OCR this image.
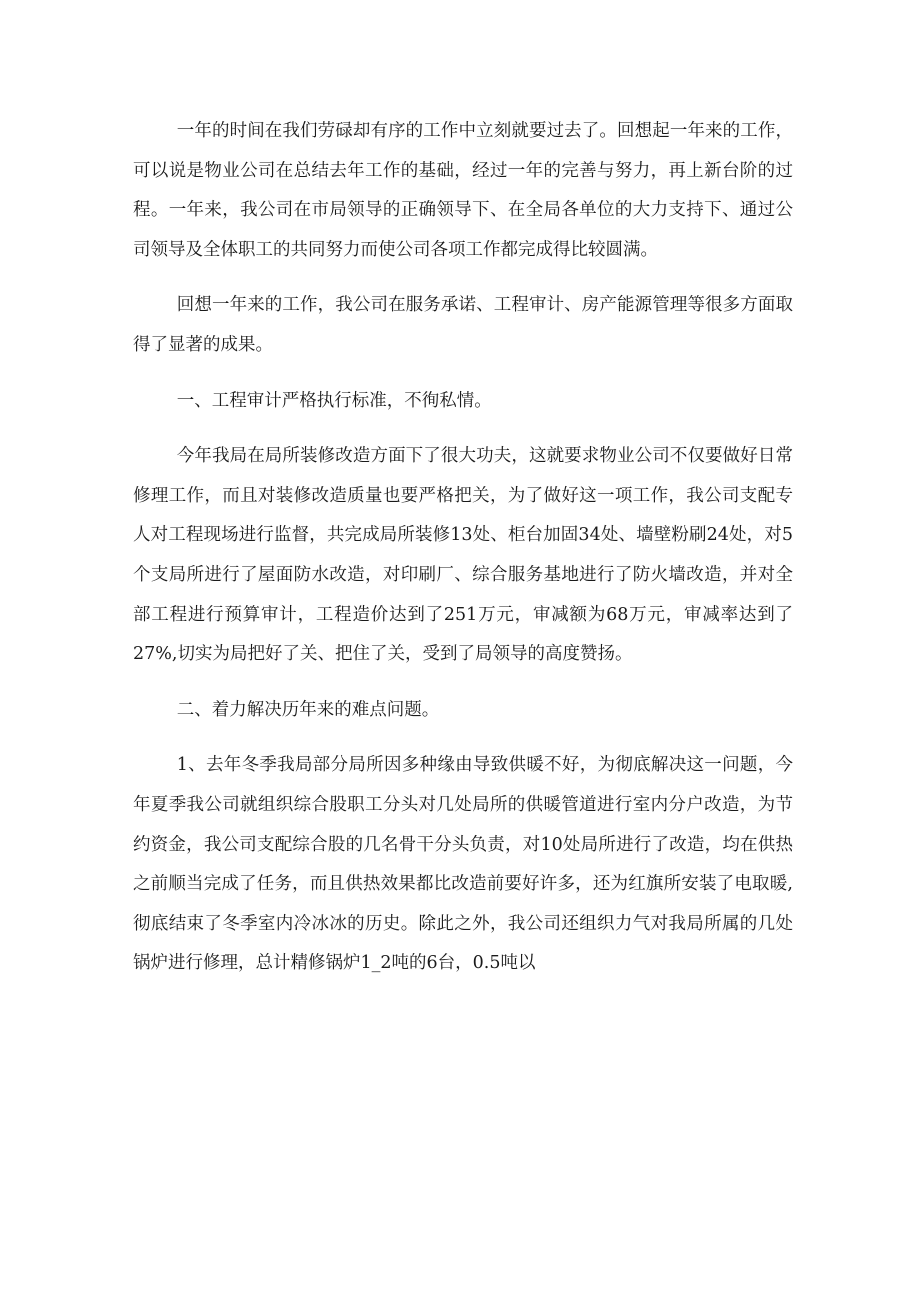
一年的时间在我们劳碌却有序的工作中立刻就要过去了。回想起一年来的工作，可以说是物业公司在总结去年工作的基础，经过一年的完善与努力，再上新台阶的过程。一年来，我公司在市局领导的正确领导下、在全局各单位的大力支持下、通过公司领导及全体职工的共同努力而使公司各项工作都完成得比较圆满。

回想一年来的工作，我公司在服务承诺、工程审计、房产能源管理等很多方面取得了显著的成果。

一、工程审计严格执行标准，不徇私情。

今年我局在局所装修改造方面下了很大功夫，这就要求物业公司不仅要做好日常修理工作，而且对装修改造质量也要严格把关，为了做好这一项工作，我公司支配专人对工程现场进行监督，共完成局所装修13处、柜台加固34处、墙壁粉刷24处，对5个支局所进行了屋面防水改造，对印刷厂、综合服务基地进行了防火墙改造，并对全部工程进行预算审计，工程造价达到了251万元，审减额为68万元，审减率达到了27%,切实为局把好了关、把住了关，受到了局领导的高度赞扬。

二、着力解决历年来的难点问题。

1、去年冬季我局部分局所因多种缘由导致供暖不好，为彻底解决这一问题，今年夏季我公司就组织综合股职工分头对几处局所的供暖管道进行室内分户改造，为节约资金，我公司支配综合股的几名骨干分头负责，对10处局所进行了改造，均在供热之前顺当完成了任务，而且供热效果都比改造前要好许多，还为红旗所安装了电取暖,彻底结束了冬季室内冷冰冰的历史。除此之外，我公司还组织力气对我局所属的几处锅炉进行修理，总计精修锅炉1_2吨的6台，0.5吨以
